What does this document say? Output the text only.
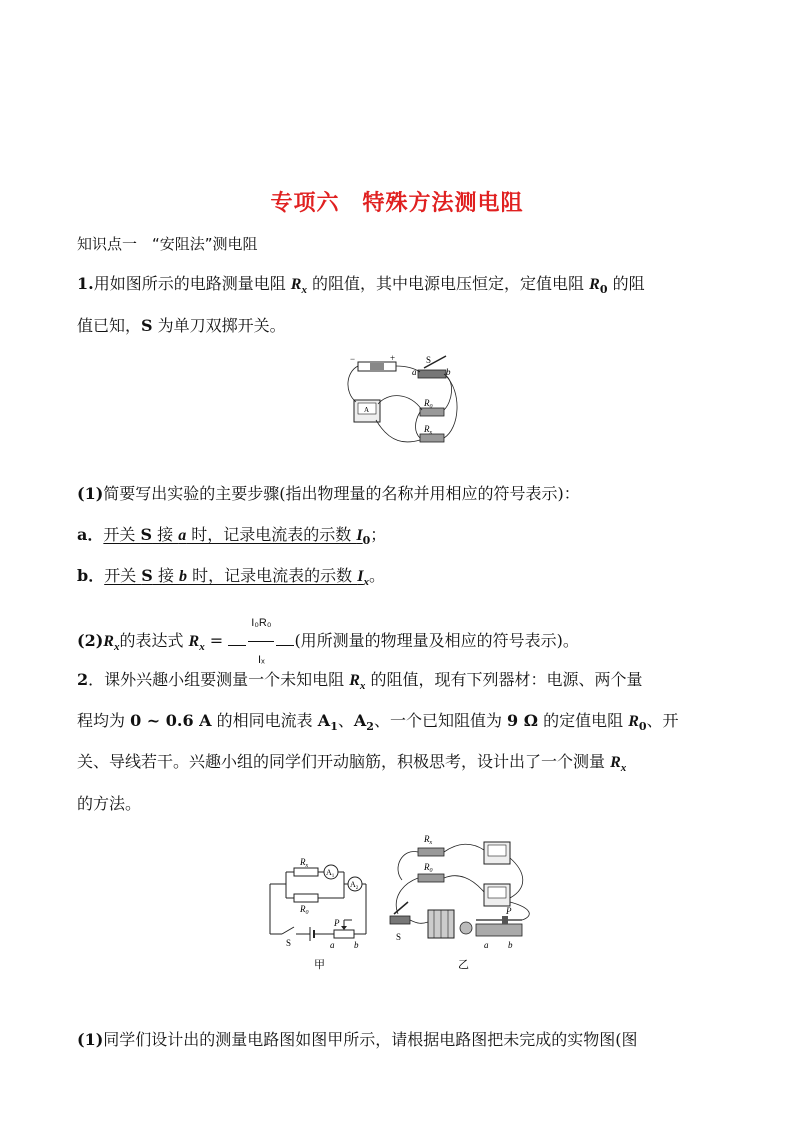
专项六　特殊方法测电阻
知识点一　“安阻法”测电阻
1.用如图所示的电路测量电阻 $R_x$ 的阻值，其中电源电压恒定，定值电阻 $R_0$ 的阻
值已知，S 为单刀双掷开关。
−	+	S
a	b
A
$R_0$
$R_x$
(1)简要写出实验的主要步骤(指出物理量的名称并用相应的符号表示)：
a．开关 S 接 a 时，记录电流表的示数 $I_0$；
b．开关 S 接 b 时，记录电流表的示数 $I_x$。
$(2)R_x$的表达式 $R_x = \frac{\text{I₀R₀}}{\text{Iₓ}}$ (用所测量的物理量及相应的符号表示)。
2．课外兴趣小组要测量一个未知电阻 $R_x$ 的阻值，现有下列器材：电源、两个量
程均为 0 ~ 0.6 A 的相同电流表 $A_1$、$A_2$、一个已知阻值为 9 Ω 的定值电阻 $R_0$、开
关、导线若干。兴趣小组的同学们开动脑筋，积极思考，设计出了一个测量 $R_x$
的方法。
$R_x$
$A_1$
$R_0$
$A_2$
S
P
a b
甲
$R_x$
$R_0$
S
P
a b
乙
(1)同学们设计出的测量电路图如图甲所示，请根据电路图把未完成的实物图(图
